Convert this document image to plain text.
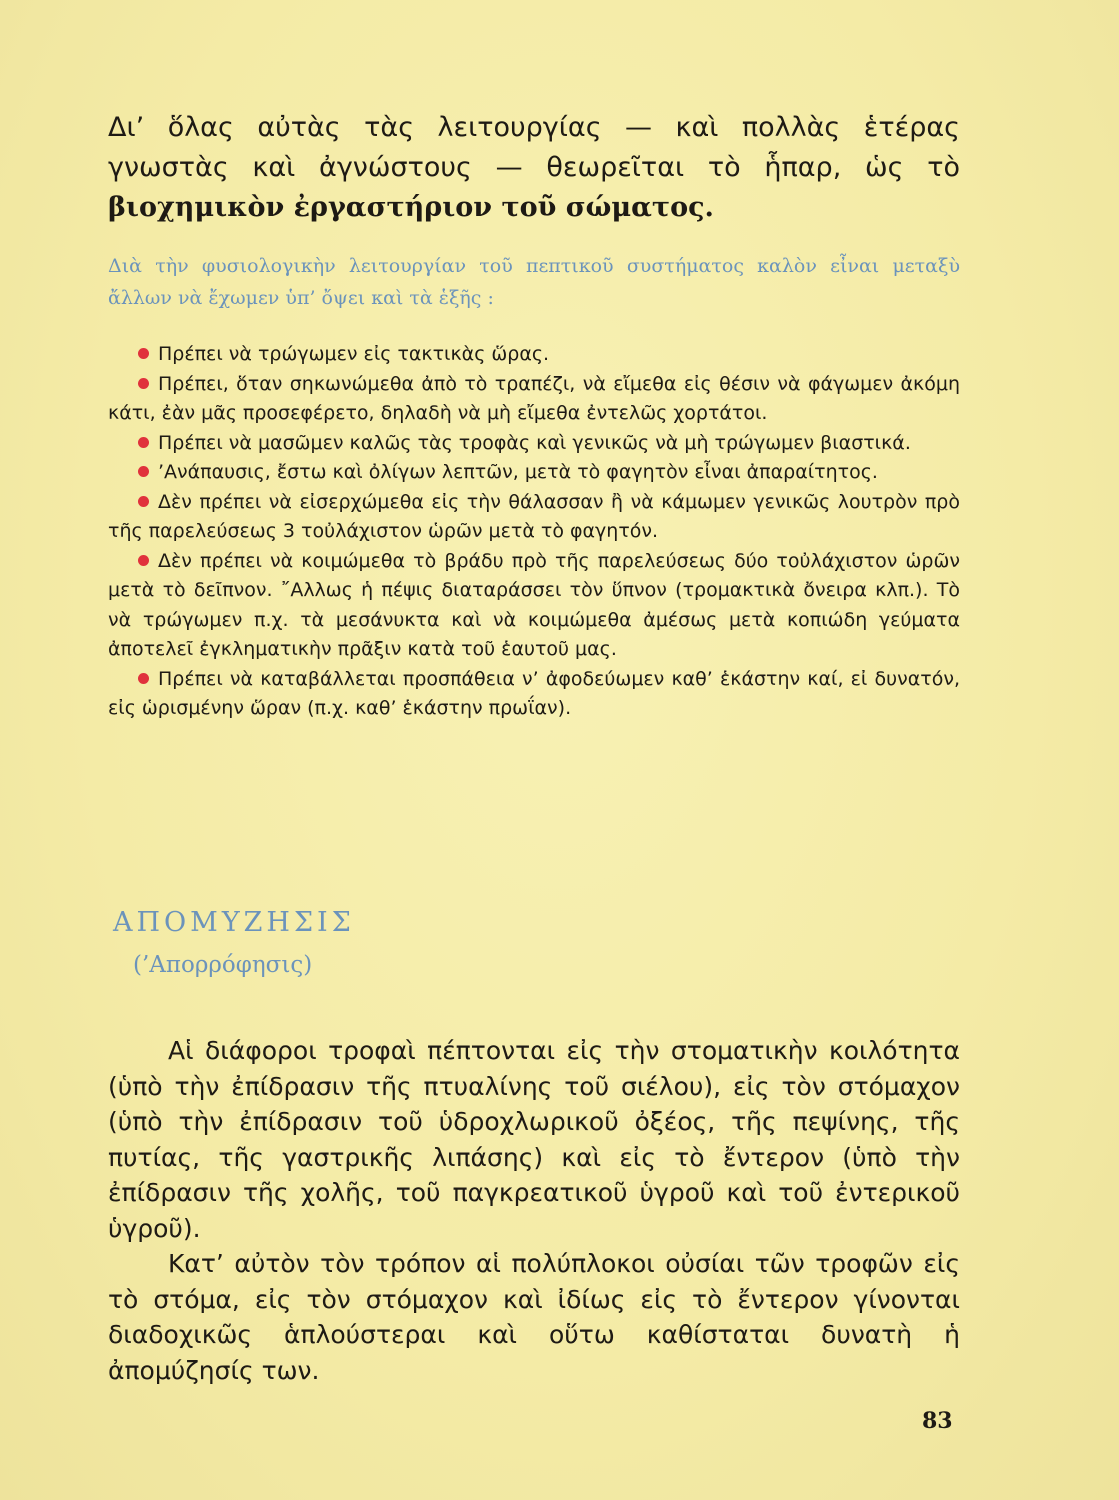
Δι’ ὅλας αὐτὰς τὰς λειτουργίας — καὶ πολλὰς ἑτέρας γνωστὰς καὶ ἀγνώστους — θεωρεῖται τὸ ἧπαρ, ὡς τὸ βιοχημικὸν ἐργαστήριον τοῦ σώματος.

Διὰ τὴν φυσιολογικὴν λειτουργίαν τοῦ πεπτικοῦ συστήματος καλὸν εἶναι μεταξὺ ἄλλων νὰ ἔχωμεν ὑπ’ ὄψει καὶ τὰ ἑξῆς :

Πρέπει νὰ τρώγωμεν εἰς τακτικὰς ὥρας.
Πρέπει, ὅταν σηκωνώμεθα ἀπὸ τὸ τραπέζι, νὰ εἴμεθα εἰς θέσιν νὰ φάγωμεν ἀκόμη κάτι, ἐὰν μᾶς προσεφέρετο, δηλαδὴ νὰ μὴ εἴμεθα ἐντελῶς χορτάτοι.
Πρέπει νὰ μασῶμεν καλῶς τὰς τροφὰς καὶ γενικῶς νὰ μὴ τρώγωμεν βιαστικά.
’Ανάπαυσις, ἔστω καὶ ὀλίγων λεπτῶν, μετὰ τὸ φαγητὸν εἶναι ἀπαραίτητος.
Δὲν πρέπει νὰ εἰσερχώμεθα εἰς τὴν θάλασσαν ἢ νὰ κάμωμεν γενικῶς λουτρὸν πρὸ τῆς παρελεύσεως 3 τοὐλάχιστον ὡρῶν μετὰ τὸ φαγητόν.
Δὲν πρέπει νὰ κοιμώμεθα τὸ βράδυ πρὸ τῆς παρελεύσεως δύο τοὐλάχιστον ὡρῶν μετὰ τὸ δεῖπνον. ῎Αλλως ἡ πέψις διαταράσσει τὸν ὕπνον (τρομακτικὰ ὄνειρα κλπ.). Τὸ νὰ τρώγωμεν π.χ. τὰ μεσάνυκτα καὶ νὰ κοιμώμεθα ἀμέσως μετὰ κοπιώδη γεύματα ἀποτελεῖ ἐγκληματικὴν πρᾶξιν κατὰ τοῦ ἑαυτοῦ μας.
Πρέπει νὰ καταβάλλεται προσπάθεια ν’ ἀφοδεύωμεν καθ’ ἑκάστην καί, εἰ δυνατόν, εἰς ὡρισμένην ὥραν (π.χ. καθ’ ἑκάστην πρωΐαν).
ΑΠΟΜΥΖΗΣΙΣ
(’Απορρόφησις)

Αἱ διάφοροι τροφαὶ πέπτονται εἰς τὴν στοματικὴν κοιλότητα (ὑπὸ τὴν ἐπίδρασιν τῆς πτυαλίνης τοῦ σιέλου), εἰς τὸν στόμαχον (ὑπὸ τὴν ἐπίδρασιν τοῦ ὑδροχλωρικοῦ ὀξέος, τῆς πεψίνης, τῆς πυτίας, τῆς γαστρικῆς λιπάσης) καὶ εἰς τὸ ἔντερον (ὑπὸ τὴν ἐπίδρασιν τῆς χολῆς, τοῦ παγκρεατικοῦ ὑγροῦ καὶ τοῦ ἐντερικοῦ ὑγροῦ).

Κατ’ αὐτὸν τὸν τρόπον αἱ πολύπλοκοι οὐσίαι τῶν τροφῶν εἰς τὸ στόμα, εἰς τὸν στόμαχον καὶ ἰδίως εἰς τὸ ἔντερον γίνονται διαδοχικῶς ἁπλούστεραι καὶ οὕτω καθίσταται δυνατὴ ἡ ἀπομύζησίς των.

83
